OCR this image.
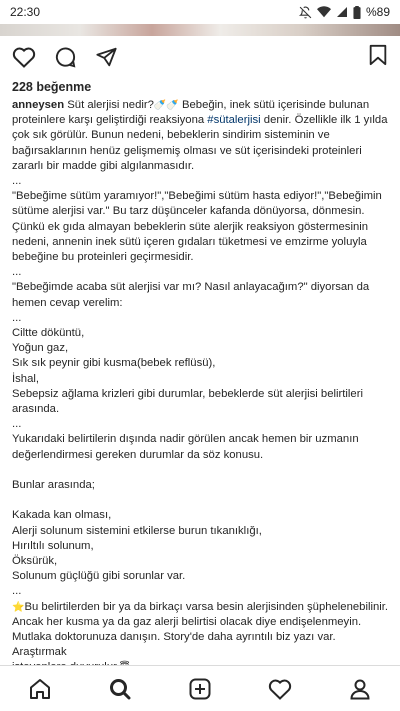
22:30	%89
228 beğenme

anneysen Süt alerjisi nedir?🍼🍼 Bebeğin, inek sütü içerisinde bulunan

proteinlere karşı geliştirdiği reaksiyona #sütalerjisi denir. Özellikle ilk 1 yılda

çok sık görülür. Bunun nedeni, bebeklerin sindirim sisteminin ve

bağırsaklarının henüz gelişmemiş olması ve süt içerisindeki proteinleri

zararlı bir madde gibi algılanmasıdır.

...

"Bebeğime sütüm yaramıyor!","Bebeğimi sütüm hasta ediyor!","Bebeğimin

sütüme alerjisi var." Bu tarz düşünceler kafanda dönüyorsa, dönmesin.

Çünkü ek gıda almayan bebeklerin süte alerjik reaksiyon göstermesinin

nedeni, annenin inek sütü içeren gıdaları tüketmesi ve emzirme yoluyla

bebeğine bu proteinleri geçirmesidir.

...

"Bebeğimde acaba süt alerjisi var mı? Nasıl anlayacağım?" diyorsan da

hemen cevap verelim:

...

Ciltte döküntü,

Yoğun gaz,

Sık sık peynir gibi kusma(bebek reflüsü),

İshal,

Sebepsiz ağlama krizleri gibi durumlar, bebeklerde süt alerjisi belirtileri

arasında.

...

Yukarıdaki belirtilerin dışında nadir görülen ancak hemen bir uzmanın

değerlendirmesi gereken durumlar da söz konusu.

Bunlar arasında;

Kakada kan olması,

Alerji solunum sistemini etkilerse burun tıkanıklığı,

Hırıltılı solunum,

Öksürük,

Solunum güçlüğü gibi sorunlar var.

...

⭐Bu belirtilerden bir ya da birkaçı varsa besin alerjisinden şüphelenebilinir.

Ancak her kusma ya da gaz alerji belirtisi olacak diye endişelenmeyin.

Mutlaka doktorunuza danışın. Story'de daha ayrıntılı biz yazı var. Araştırmak
